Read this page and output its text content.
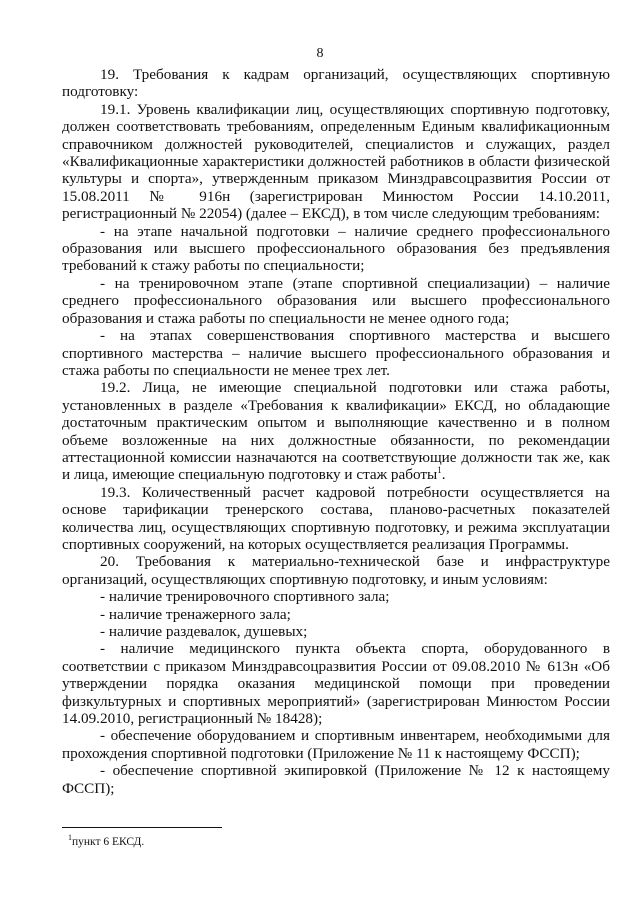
8

19. Требования к кадрам организаций, осуществляющих спортивную подготовку:

19.1. Уровень квалификации лиц, осуществляющих спортивную подготовку, должен соответствовать требованиям, определенным Единым квалификационным справочником должностей руководителей, специалистов и служащих, раздел «Квалификационные характеристики должностей работников в области физической культуры и спорта», утвержденным приказом Минздравсоцразвития России от 15.08.2011 № 916н (зарегистрирован Минюстом России 14.10.2011, регистрационный № 22054) (далее – ЕКСД), в том числе следующим требованиям:

- на этапе начальной подготовки – наличие среднего профессионального образования или высшего профессионального образования без предъявления требований к стажу работы по специальности;

- на тренировочном этапе (этапе спортивной специализации) – наличие среднего профессионального образования или высшего профессионального образования и стажа работы по специальности не менее одного года;

- на этапах совершенствования спортивного мастерства и высшего спортивного мастерства – наличие высшего профессионального образования и стажа работы по специальности не менее трех лет.

19.2. Лица, не имеющие специальной подготовки или стажа работы, установленных в разделе «Требования к квалификации» ЕКСД, но обладающие достаточным практическим опытом и выполняющие качественно и в полном объеме возложенные на них должностные обязанности, по рекомендации аттестационной комиссии назначаются на соответствующие должности так же, как и лица, имеющие специальную подготовку и стаж работы$^1$.

19.3. Количественный расчет кадровой потребности осуществляется на основе тарификации тренерского состава, планово-расчетных показателей количества лиц, осуществляющих спортивную подготовку, и режима эксплуатации спортивных сооружений, на которых осуществляется реализация Программы.

20. Требования к материально-технической базе и инфраструктуре организаций, осуществляющих спортивную подготовку, и иным условиям:

- наличие тренировочного спортивного зала;

- наличие тренажерного зала;

- наличие раздевалок, душевых;

- наличие медицинского пункта объекта спорта, оборудованного в соответствии с приказом Минздравсоцразвития России от 09.08.2010 № 613н «Об утверждении порядка оказания медицинской помощи при проведении физкультурных и спортивных мероприятий» (зарегистрирован Минюстом России 14.09.2010, регистрационный № 18428);

- обеспечение оборудованием и спортивным инвентарем, необходимыми для прохождения спортивной подготовки (Приложение № 11 к настоящему ФССП);

- обеспечение спортивной экипировкой (Приложение № 12 к настоящему ФССП);

$^1$пункт 6 ЕКСД.
